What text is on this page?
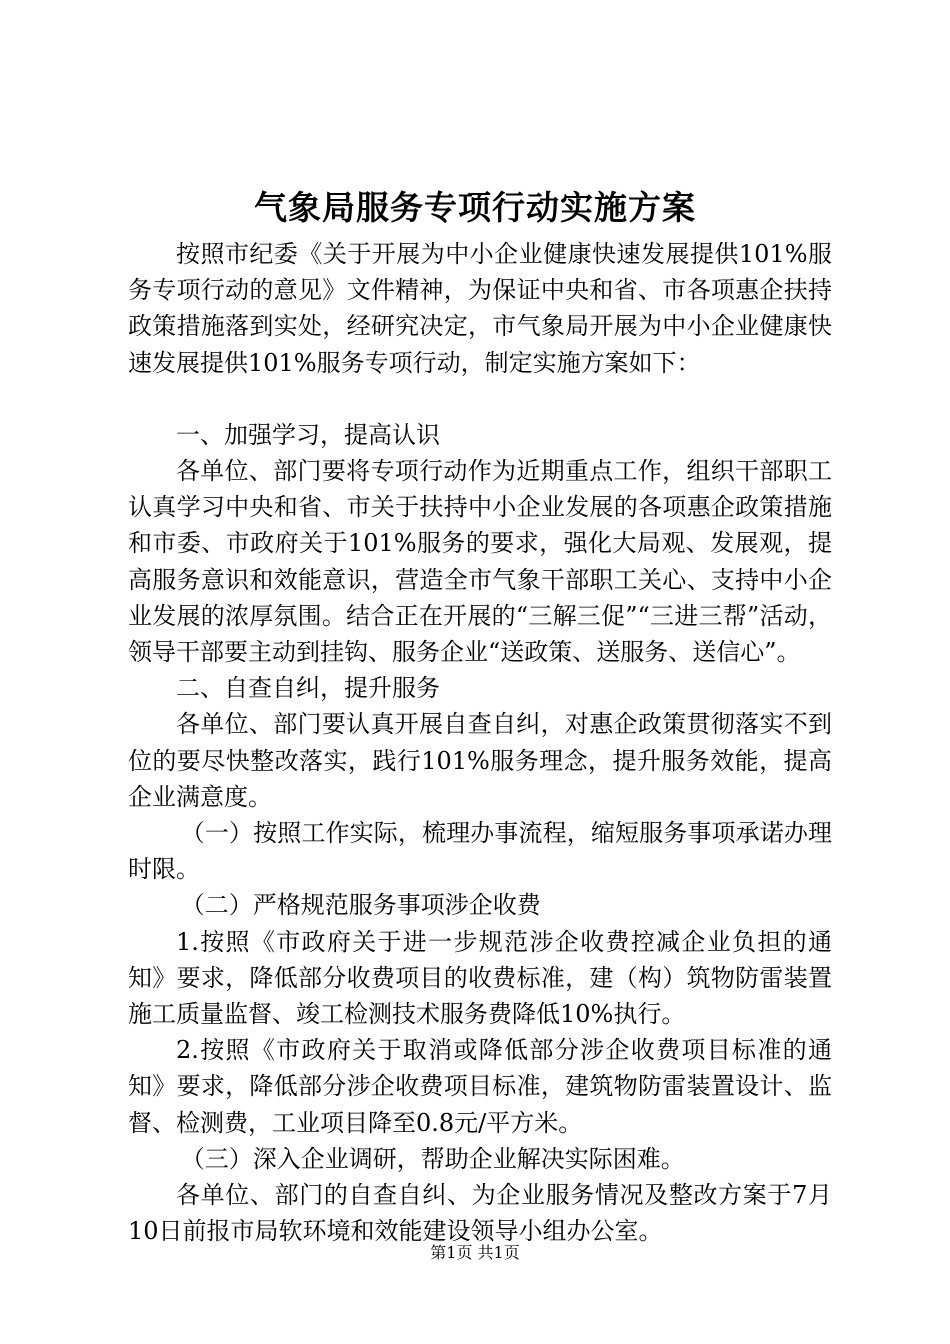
气象局服务专项行动实施方案

按照市纪委《关于开展为中小企业健康快速发展提供101%服务专项行动的意见》文件精神，为保证中央和省、市各项惠企扶持政策措施落到实处，经研究决定，市气象局开展为中小企业健康快速发展提供101%服务专项行动，制定实施方案如下：

一、加强学习，提高认识

各单位、部门要将专项行动作为近期重点工作，组织干部职工认真学习中央和省、市关于扶持中小企业发展的各项惠企政策措施和市委、市政府关于101%服务的要求，强化大局观、发展观，提高服务意识和效能意识，营造全市气象干部职工关心、支持中小企业发展的浓厚氛围。结合正在开展的“三解三促”“三进三帮”活动，领导干部要主动到挂钩、服务企业“送政策、送服务、送信心”。

二、自查自纠，提升服务

各单位、部门要认真开展自查自纠，对惠企政策贯彻落实不到位的要尽快整改落实，践行101%服务理念，提升服务效能，提高企业满意度。

（一）按照工作实际，梳理办事流程，缩短服务事项承诺办理时限。

（二）严格规范服务事项涉企收费

1.按照《市政府关于进一步规范涉企收费控减企业负担的通知》要求，降低部分收费项目的收费标准，建（构）筑物防雷装置施工质量监督、竣工检测技术服务费降低10%执行。

2.按照《市政府关于取消或降低部分涉企收费项目标准的通知》要求，降低部分涉企收费项目标准，建筑物防雷装置设计、监督、检测费，工业项目降至0.8元/平方米。

（三）深入企业调研，帮助企业解决实际困难。

各单位、部门的自查自纠、为企业服务情况及整改方案于7月10日前报市局软环境和效能建设领导小组办公室。

第1页 共1页
